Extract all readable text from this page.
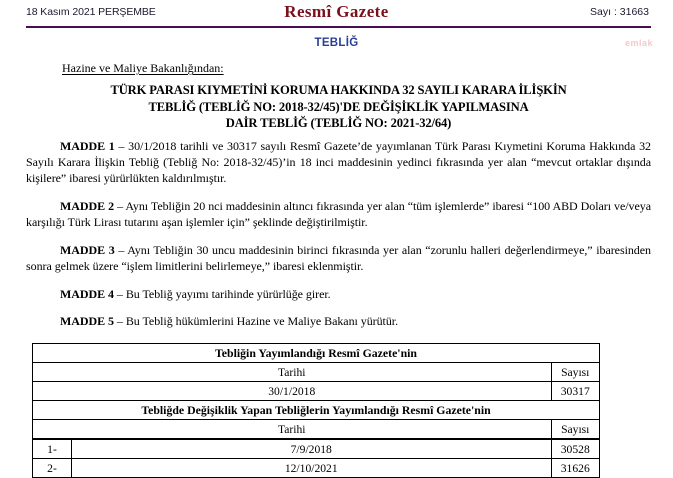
18 Kasım 2021 PERŞEMBE	Resmî Gazete	Sayı : 31663
emlak
TEBLİĞ
Hazine ve Maliye Bakanlığından:
TÜRK PARASI KIYMETİNİ KORUMA HAKKINDA 32 SAYILI KARARA İLİŞKİN
TEBLİĞ (TEBLİĞ NO: 2018-32/45)'DE DEĞİŞİKLİK YAPILMASINA
DAİR TEBLİĞ (TEBLİĞ NO: 2021-32/64)

MADDE 1 – 30/1/2018 tarihli ve 30317 sayılı Resmî Gazete’de yayımlanan Türk Parası Kıymetini Koruma Hakkında 32 Sayılı Karara İlişkin Tebliğ (Tebliğ No: 2018-32/45)’in 18 inci maddesinin yedinci fıkrasında yer alan “mevcut ortaklar dışında kişilere” ibaresi yürürlükten kaldırılmıştır.

MADDE 2 – Aynı Tebliğin 20 nci maddesinin altıncı fıkrasında yer alan “tüm işlemlerde” ibaresi “100 ABD Doları ve/veya karşılığı Türk Lirası tutarını aşan işlemler için” şeklinde değiştirilmiştir.

MADDE 3 – Aynı Tebliğin 30 uncu maddesinin birinci fıkrasında yer alan “zorunlu halleri değerlendirmeye,” ibaresinden sonra gelmek üzere “işlem limitlerini belirlemeye,” ibaresi eklenmiştir.

MADDE 4 – Bu Tebliğ yayımı tarihinde yürürlüğe girer.

MADDE 5 – Bu Tebliğ hükümlerini Hazine ve Maliye Bakanı yürütür.

Tebliğin Yayımlandığı Resmî Gazete'nin		
Tarihi		Sayısı
30/1/2018		30317
Tebliğde Değişiklik Yapan Tebliğlerin Yayımlandığı Resmî Gazete'nin		
Tarihi		Sayısı
1-	7/9/2018	30528
2-	12/10/2021	31626
